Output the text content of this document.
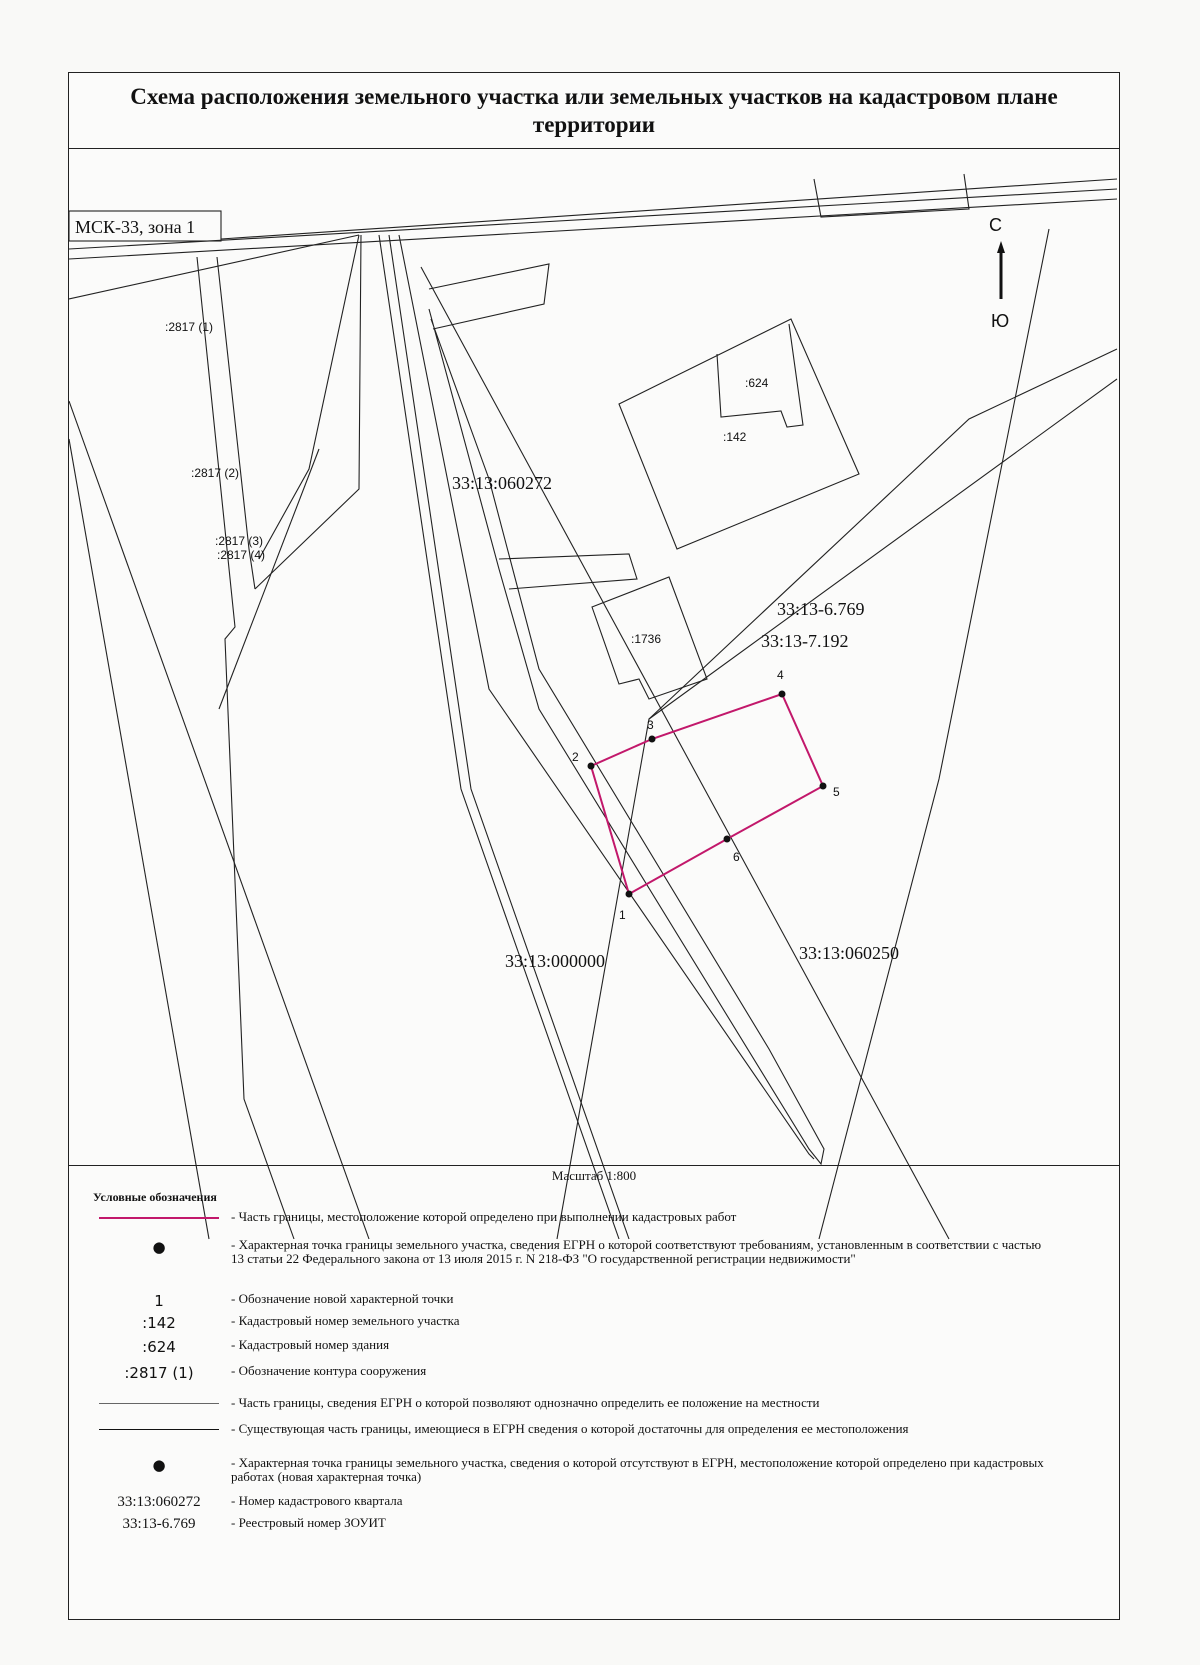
Схема расположения земельного участка или земельных участков на кадастровом плане территории
1
2
3
4
5
6
:2817 (1)
:2817 (2)
:2817 (3)
:2817 (4)
:624
:142
:1736
33:13:060272
33:13-6.769
33:13-7.192
33:13:000000	33:13:060250
МСК-33, зона 1	С
Ю
Масштаб 1:800
Условные обозначения
- Часть границы, местоположение которой определено при выполнении кадастровых работ
●	- Характерная точка границы земельного участка, сведения ЕГРН о которой соответствуют требованиям, установленным в соответствии с частью 13 статьи 22 Федерального закона от 13 июля 2015 г. N 218-ФЗ "О государственной регистрации недвижимости"
1	- Обозначение новой характерной точки
:142	- Кадастровый номер земельного участка
:624	- Кадастровый номер здания
:2817 (1)	- Обозначение контура сооружения
- Часть границы, сведения ЕГРН о которой позволяют однозначно определить ее положение на местности
- Существующая часть границы, имеющиеся в ЕГРН сведения о которой достаточны для определения ее местоположения
●	- Характерная точка границы земельного участка, сведения о которой отсутствуют в ЕГРН, местоположение которой определено при кадастровых работах (новая характерная точка)
33:13:060272	- Номер кадастрового квартала
33:13-6.769	- Реестровый номер ЗОУИТ
